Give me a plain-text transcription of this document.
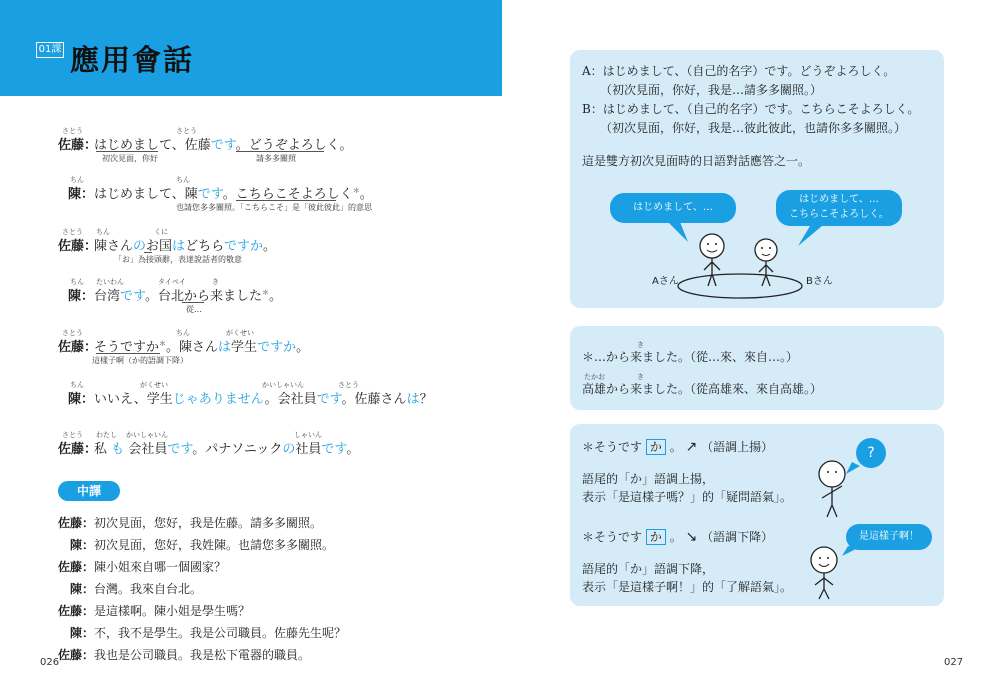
01課 應用會話
さとう	さとう
佐藤：はじめまして、佐藤です。どうぞよろしく。
初次見面，你好	請多多關照
ちん	ちん
陳：はじめまして、陳です。こちらこそよろしく＊。
也請您多多關照。「こちらこそ」是「彼此彼此」的意思
さとう ちん	くに
佐藤：陳さんのお国はどちらですか。
「お」為接頭辭，表達說話者的敬意
ちん たいわん	タイペイ	き
陳：台湾です。台北から来ました＊。
從…
さとう	ちん	がくせい
佐藤：そうですか＊。陳さんは学生ですか。
這樣子啊（か的語調下降）
ちん	がくせい	かいしゃいん	さとう
陳：いいえ、学生じゃありません。会社員です。佐藤さんは？
さとう わたし かいしゃいん	しゃいん
佐藤：私 も 会社員です。パナソニックの社員です。
中譯
佐藤：初次見面，您好，我是佐藤。請多多關照。
陳：初次見面，您好，我姓陳。也請您多多關照。
佐藤：陳小姐來自哪一個國家？
陳：台灣。我來自台北。
佐藤：是這樣啊。陳小姐是學生嗎？
陳：不，我不是學生。我是公司職員。佐藤先生呢？
佐藤：我也是公司職員。我是松下電器的職員。
026	027
A：はじめまして、（自己的名字）です。どうぞよろしく。
（初次見面，你好，我是…請多多關照。）
B：はじめまして、（自己的名字）です。こちらこそよろしく。
（初次見面，你好，我是…彼此彼此，也請你多多關照。）
這是雙方初次見面時的日語對話應答之一。
はじめまして、…
はじめまして、…
こちらこそよろしく。
Aさん	Bさん
き
＊…から来ました。（從…來、來自…。）
たかお	き
高雄から来ました。（從高雄來、來自高雄。）
＊そうです か 。 ↗ （語調上揚）
語尾的「か」語調上揚，
表示「是這樣子嗎？」的「疑問語氣」。
＊そうです か 。 ↘ （語調下降）
語尾的「か」語調下降，
表示「是這樣子啊！」的「了解語氣」。
?
是這樣子啊！
